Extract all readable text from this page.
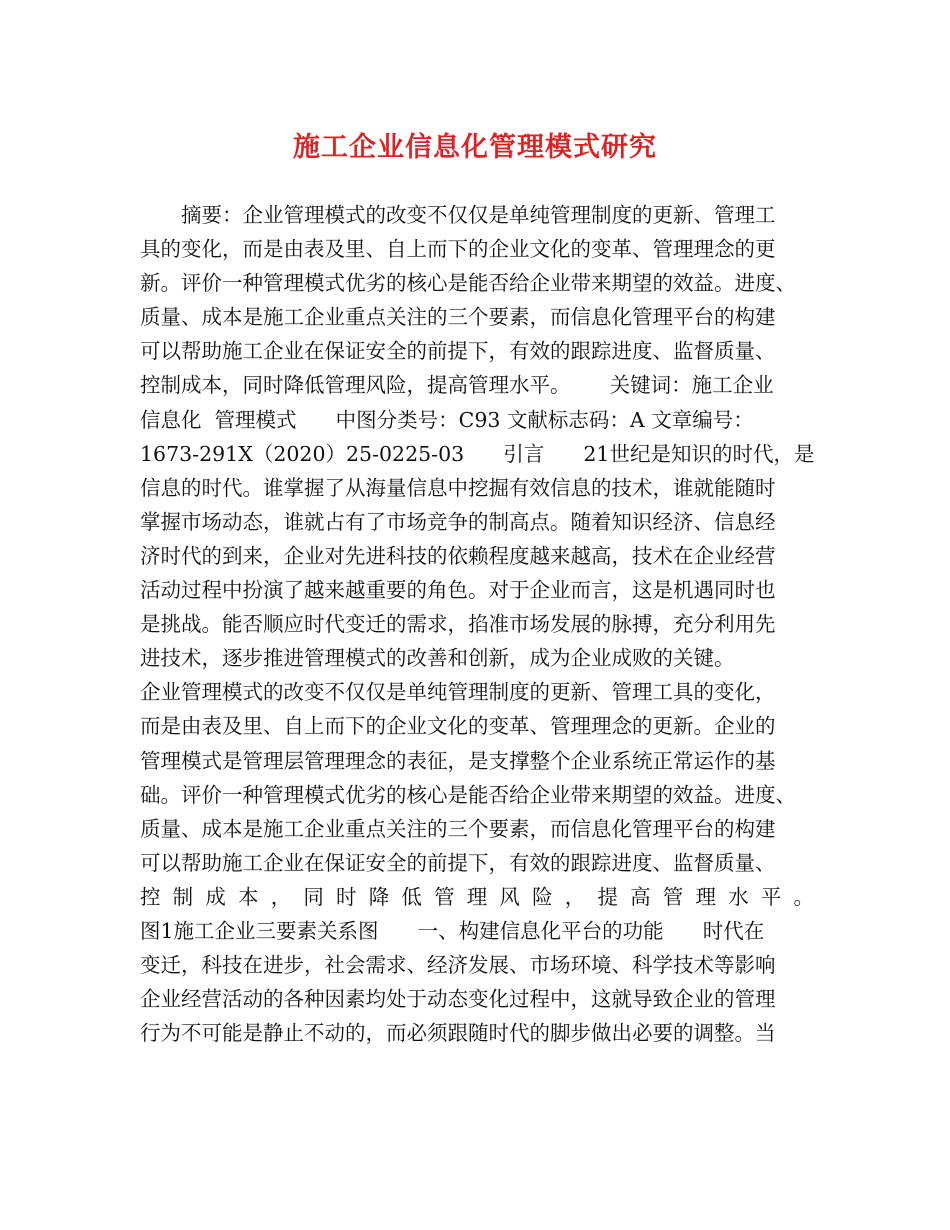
施工企业信息化管理模式研究
摘要：企业管理模式的改变不仅仅是单纯管理制度的更新、管理工
具的变化，而是由表及里、自上而下的企业文化的变革、管理理念的更
新。评价一种管理模式优劣的核心是能否给企业带来期望的效益。进度、
质量、成本是施工企业重点关注的三个要素，而信息化管理平台的构建
可以帮助施工企业在保证安全的前提下，有效的跟踪进度、监督质量、
控制成本，同时降低管理风险，提高管理水平。      关键词：施工企业
信息化  管理模式      中图分类号：C93 文献标志码：A 文章编号：
1673-291X（2020）25-0225-03      引言      21世纪是知识的时代，是
信息的时代。谁掌握了从海量信息中挖掘有效信息的技术，谁就能随时
掌握市场动态，谁就占有了市场竞争的制高点。随着知识经济、信息经
济时代的到来，企业对先进科技的依赖程度越来越高，技术在企业经营
活动过程中扮演了越来越重要的角色。对于企业而言，这是机遇同时也
是挑战。能否顺应时代变迁的需求，掐准市场发展的脉搏，充分利用先
进技术，逐步推进管理模式的改善和创新，成为企业成败的关键。
企业管理模式的改变不仅仅是单纯管理制度的更新、管理工具的变化，
而是由表及里、自上而下的企业文化的变革、管理理念的更新。企业的
管理模式是管理层管理理念的表征，是支撑整个企业系统正常运作的基
础。评价一种管理模式优劣的核心是能否给企业带来期望的效益。进度、
质量、成本是施工企业重点关注的三个要素，而信息化管理平台的构建
可以帮助施工企业在保证安全的前提下，有效的跟踪进度、监督质量、
控制成本，同时降低管理风险，提高管理水平。
图1施工企业三要素关系图      一、构建信息化平台的功能      时代在
变迁，科技在进步，社会需求、经济发展、市场环境、科学技术等影响
企业经营活动的各种因素均处于动态变化过程中，这就导致企业的管理
行为不可能是静止不动的，而必须跟随时代的脚步做出必要的调整。当
